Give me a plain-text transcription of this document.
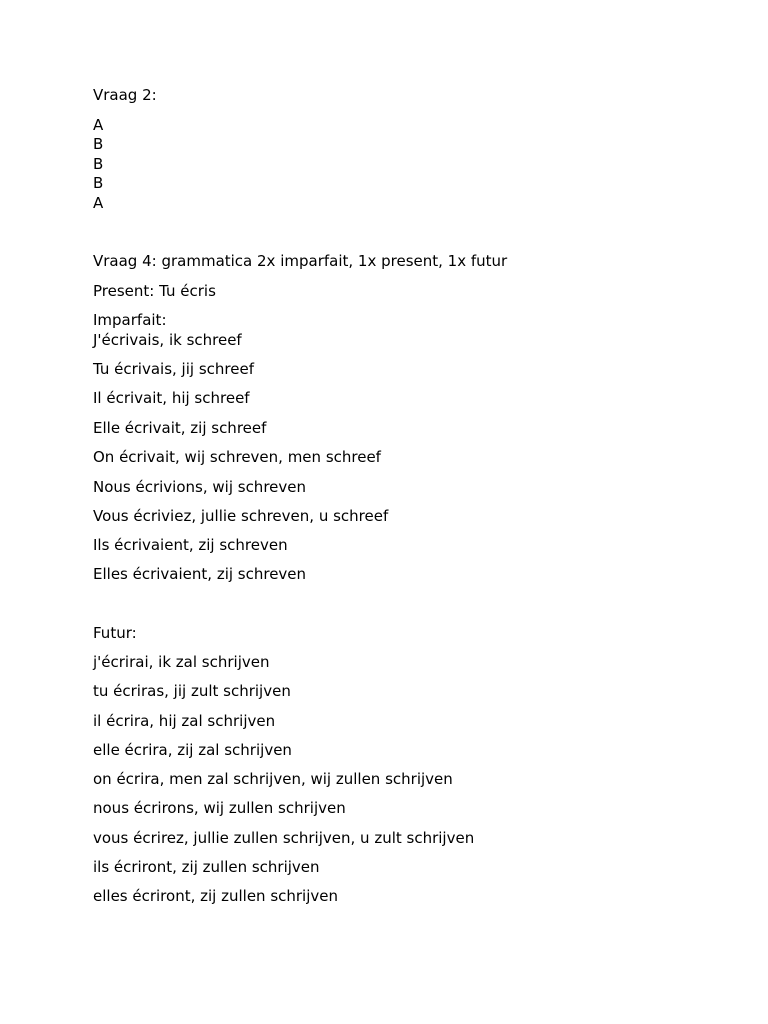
Vraag 2:

A

B

B

B

A

Vraag 4: grammatica 2x imparfait, 1x present, 1x futur

Present: Tu écris

Imparfait:

J'écrivais, ik schreef

Tu écrivais, jij schreef

Il écrivait, hij schreef

Elle écrivait, zij schreef

On écrivait, wij schreven, men schreef

Nous écrivions, wij schreven

Vous écriviez, jullie schreven, u schreef

Ils écrivaient, zij schreven

Elles écrivaient, zij schreven

Futur:

j'écrirai, ik zal schrijven

tu écriras, jij zult schrijven

il écrira, hij zal schrijven

elle écrira, zij zal schrijven

on écrira, men zal schrijven, wij zullen schrijven

nous écrirons, wij zullen schrijven

vous écrirez, jullie zullen schrijven, u zult schrijven

ils écriront, zij zullen schrijven

elles écriront, zij zullen schrijven
